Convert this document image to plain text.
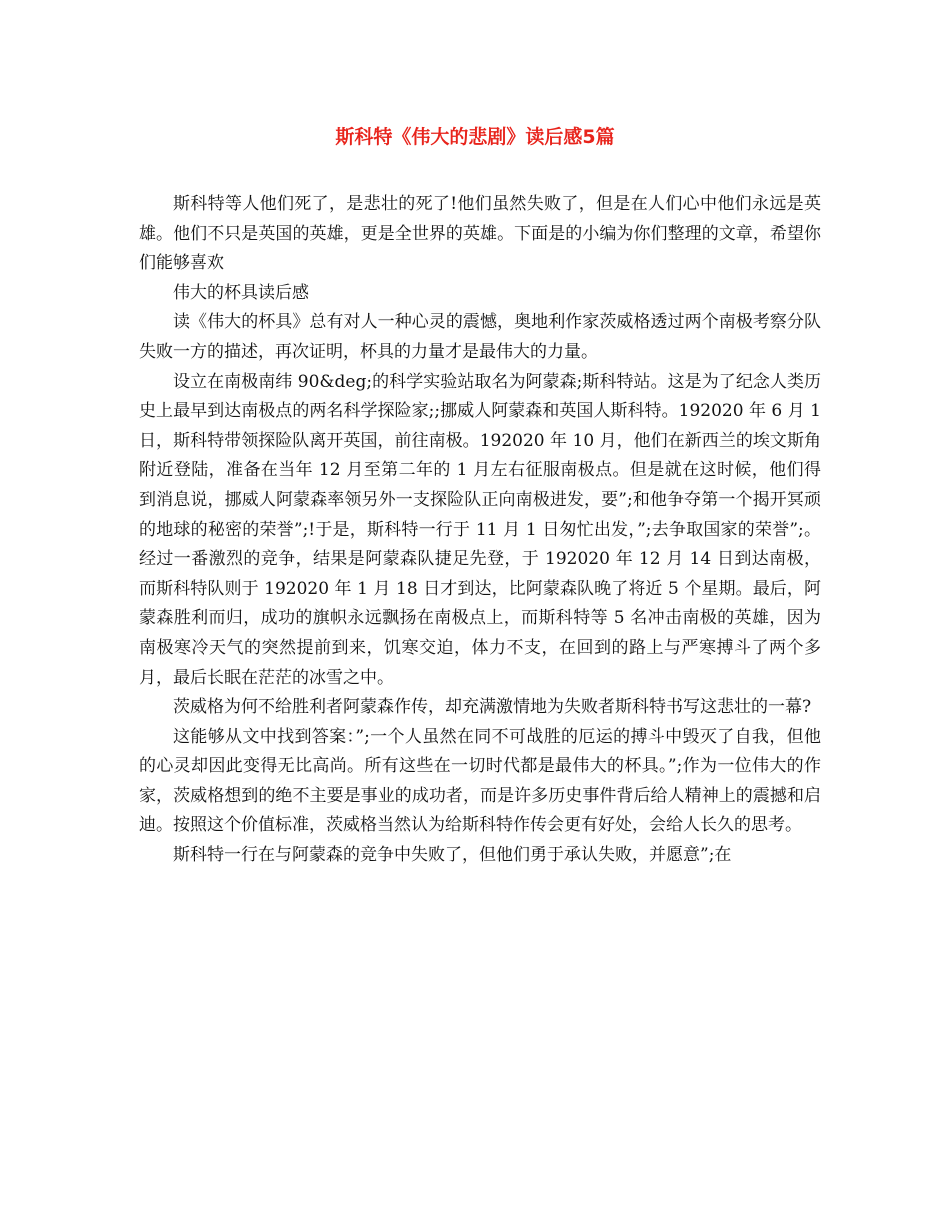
斯科特《伟大的悲剧》读后感5篇

斯科特等人他们死了，是悲壮的死了!他们虽然失败了，但是在人们心中他们永远是英雄。他们不只是英国的英雄，更是全世界的英雄。下面是的小编为你们整理的文章，希望你们能够喜欢

伟大的杯具读后感

读《伟大的杯具》总有对人一种心灵的震憾，奥地利作家茨威格透过两个南极考察分队失败一方的描述，再次证明，杯具的力量才是最伟大的力量。

设立在南极南纬 90&deg;的科学实验站取名为阿蒙森;斯科特站。这是为了纪念人类历史上最早到达南极点的两名科学探险家;;挪威人阿蒙森和英国人斯科特。192020 年 6 月 1 日，斯科特带领探险队离开英国，前往南极。192020 年 10 月，他们在新西兰的埃文斯角附近登陆，准备在当年 12 月至第二年的 1 月左右征服南极点。但是就在这时候，他们得到消息说，挪威人阿蒙森率领另外一支探险队正向南极进发，要”;和他争夺第一个揭开冥顽的地球的秘密的荣誉”;!于是，斯科特一行于 11 月 1 日匆忙出发，”;去争取国家的荣誉”;。经过一番激烈的竞争，结果是阿蒙森队捷足先登，于 192020 年 12 月 14 日到达南极，而斯科特队则于 192020 年 1 月 18 日才到达，比阿蒙森队晚了将近 5 个星期。最后，阿蒙森胜利而归，成功的旗帜永远飘扬在南极点上，而斯科特等 5 名冲击南极的英雄，因为南极寒冷天气的突然提前到来，饥寒交迫，体力不支，在回到的路上与严寒搏斗了两个多月，最后长眠在茫茫的冰雪之中。

茨威格为何不给胜利者阿蒙森作传，却充满激情地为失败者斯科特书写这悲壮的一幕?

这能够从文中找到答案：”;一个人虽然在同不可战胜的厄运的搏斗中毁灭了自我，但他的心灵却因此变得无比高尚。所有这些在一切时代都是最伟大的杯具。”;作为一位伟大的作家，茨威格想到的绝不主要是事业的成功者，而是许多历史事件背后给人精神上的震撼和启迪。按照这个价值标准，茨威格当然认为给斯科特作传会更有好处，会给人长久的思考。

斯科特一行在与阿蒙森的竞争中失败了，但他们勇于承认失败，并愿意”;在
